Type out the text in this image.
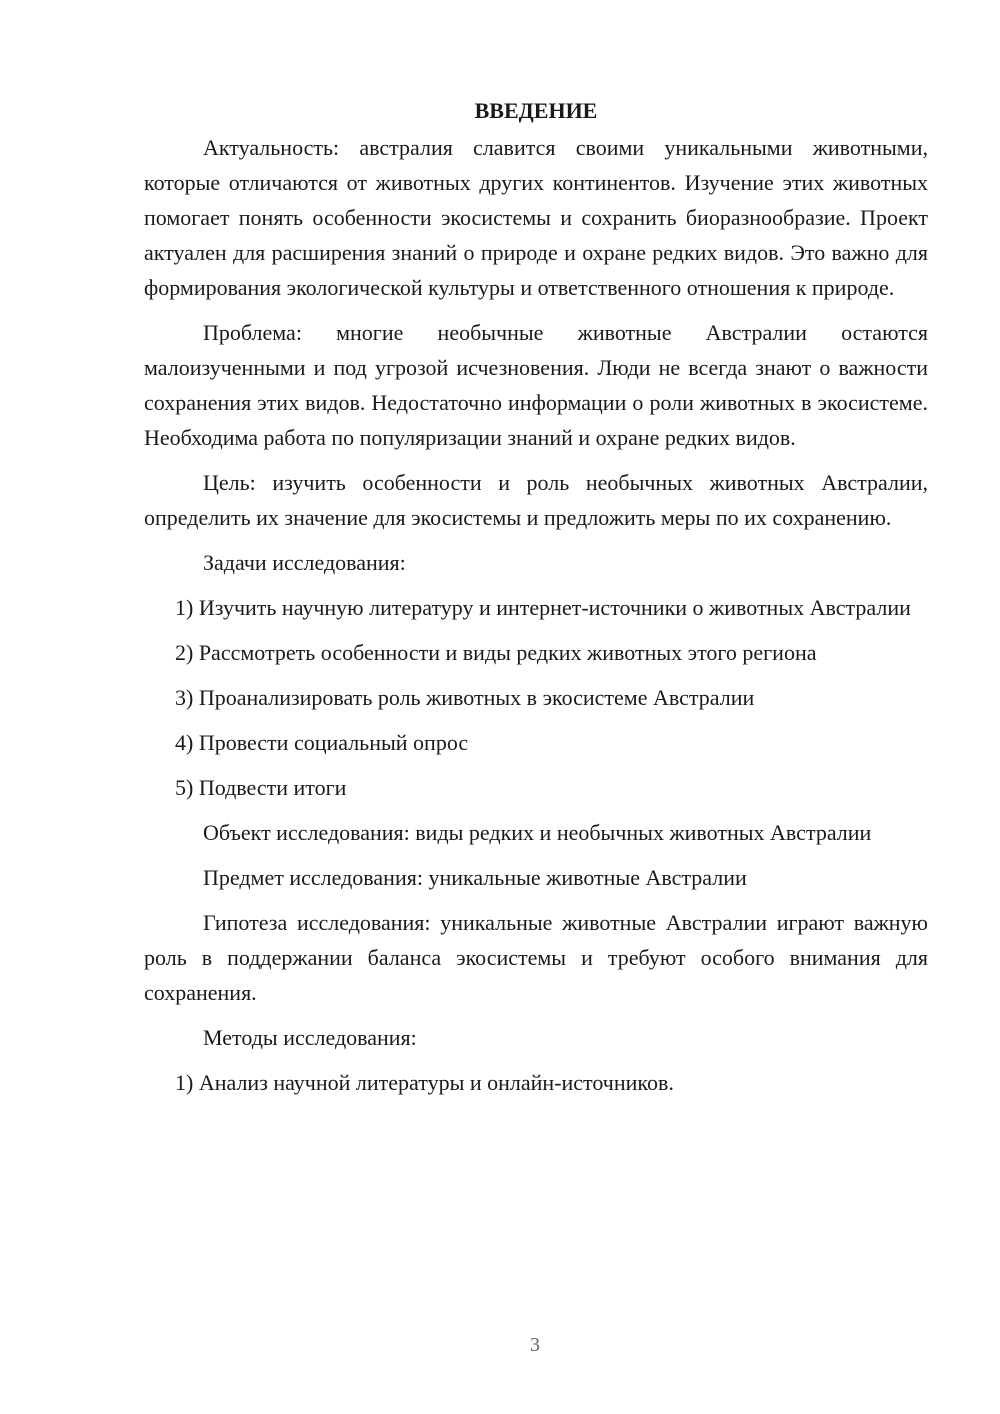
ВВЕДЕНИЕ

Актуальность: австралия славится своими уникальными животными, которые отличаются от животных других континентов. Изучение этих животных помогает понять особенности экосистемы и сохранить биоразнообразие. Проект актуален для расширения знаний о природе и охране редких видов. Это важно для формирования экологической культуры и ответственного отношения к природе.

Проблема: многие необычные животные Австралии остаются малоизученными и под угрозой исчезновения. Люди не всегда знают о важности сохранения этих видов. Недостаточно информации о роли животных в экосистеме. Необходима работа по популяризации знаний и охране редких видов.

Цель: изучить особенности и роль необычных животных Австралии, определить их значение для экосистемы и предложить меры по их сохранению.

Задачи исследования:

1) Изучить научную литературу и интернет-источники о животных Австралии

2) Рассмотреть особенности и виды редких животных этого региона

3) Проанализировать роль животных в экосистеме Австралии

4) Провести социальный опрос

5) Подвести итоги

Объект исследования: виды редких и необычных животных Австралии

Предмет исследования: уникальные животные Австралии

Гипотеза исследования: уникальные животные Австралии играют важную роль в поддержании баланса экосистемы и требуют особого внимания для сохранения.

Методы исследования:

1) Анализ научной литературы и онлайн-источников.

3
